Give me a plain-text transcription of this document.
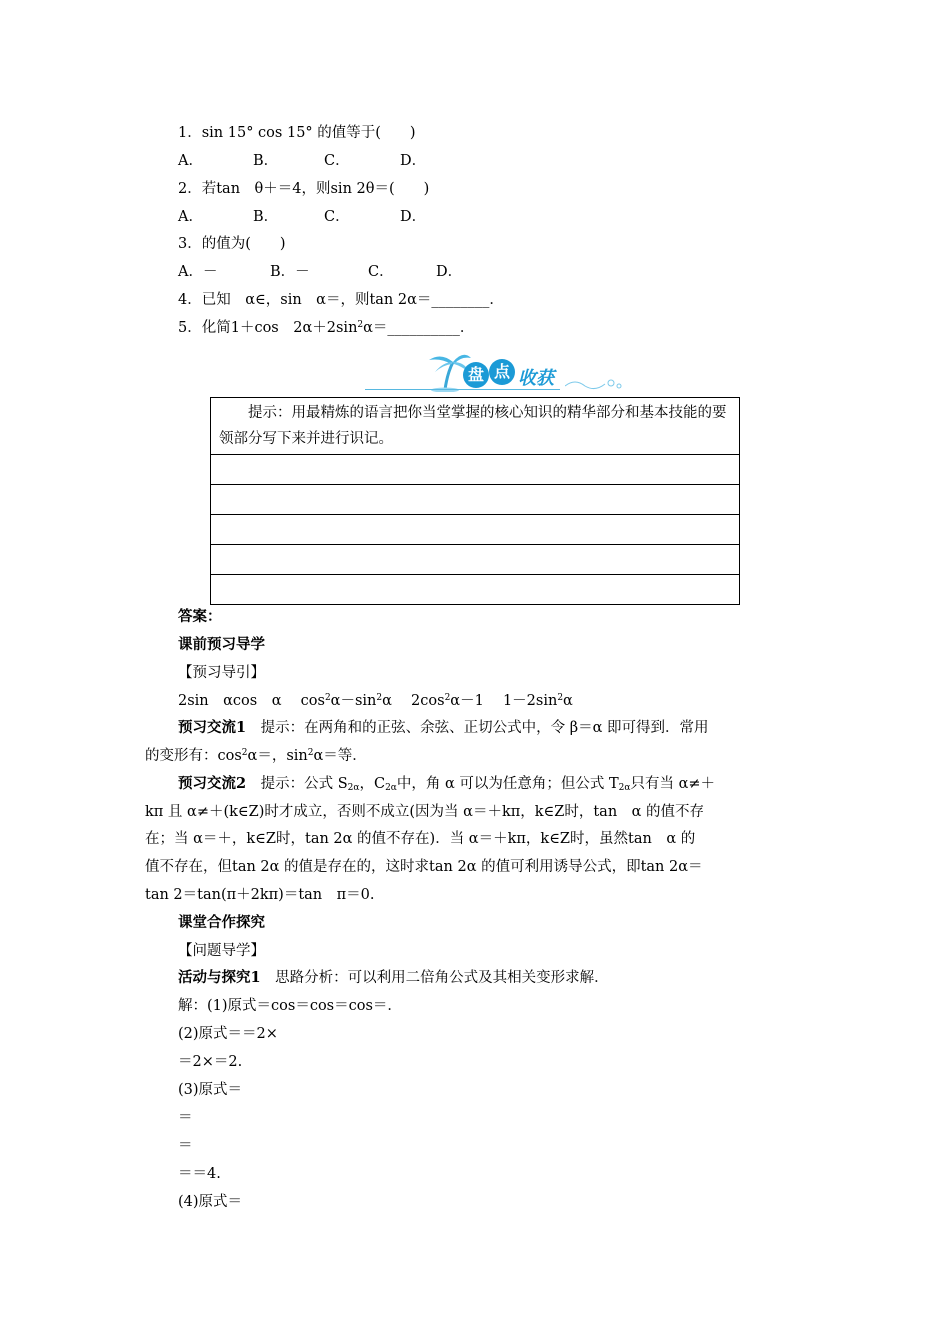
1．sin 15° cos 15° 的值等于(　　)
A．	B．	C．	D．
2．若tan　θ＋＝4，则sin 2θ＝(　　)
A．	B．	C．	D．
3．的值为(　　)
A．－	B．－	C．	D．
4．已知　α∈，sin　α＝，则tan 2α＝________．
5．化简1＋cos　$2\alpha+2\sin^2\alpha=\_\_\_\_\_\_\_\_\_\_$．
盘 点 收获
　　提示：用最精炼的语言把你当堂掌握的核心知识的精华部分和基本技能的要领部分写下来并进行识记。
答案：
课前预习导学
【预习导引】
2sin　αcos　α　 $\cos^2\alpha-\sin^2\alpha$　 $2\cos^2\alpha-1$　 $1-2\sin^2\alpha$
预习交流1　提示：在两角和的正弦、余弦、正切公式中，令 β＝α 即可得到．常用
的变形有：$\cos^2\alpha=$，$\sin^2\alpha=$等．
预习交流2　提示：公式 $S_{2\alpha}$，$C_{2\alpha}$中，角 α 可以为任意角；但公式 $T_{2\alpha}$只有当 α≠＋
kπ 且 α≠＋(k∈Z)时才成立，否则不成立(因为当 α＝＋kπ，k∈Z时，tan　α 的值不存
在；当 α＝＋，k∈Z时，tan 2α 的值不存在)．当 α＝＋kπ，k∈Z时，虽然tan　α 的
值不存在，但tan 2α 的值是存在的，这时求tan 2α 的值可利用诱导公式，即tan 2α＝
tan 2＝tan(π＋2kπ)＝tan　π＝0.
课堂合作探究
【问题导学】
活动与探究1　思路分析：可以利用二倍角公式及其相关变形求解．
解：(1)原式＝cos＝cos＝cos＝．
(2)原式＝＝2×
＝2×＝2.
(3)原式＝
＝
＝
＝＝4.
(4)原式＝
